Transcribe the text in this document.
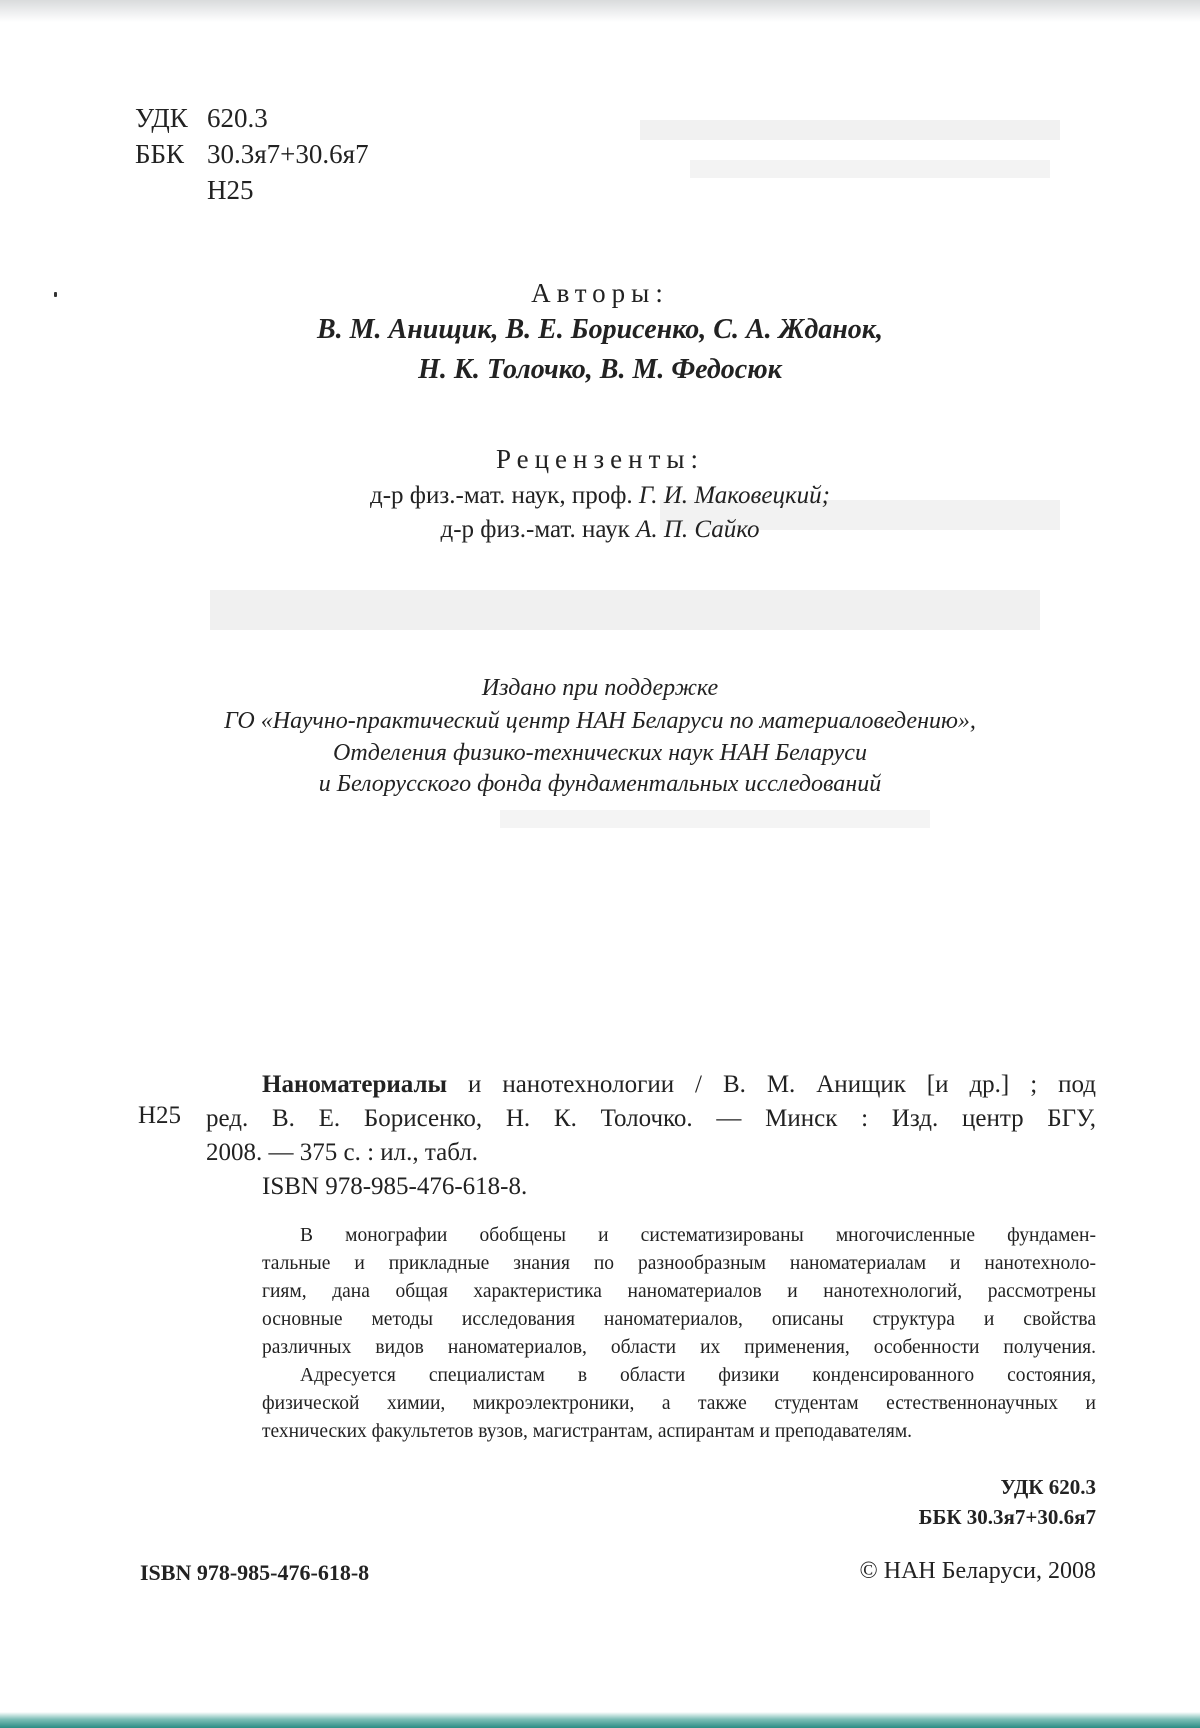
УДК 620.3
ББК 30.3я7+30.6я7
Н25
Авторы:
В. М. Анищик, В. Е. Борисенко, С. А. Жданок,
Н. К. Толочко, В. М. Федосюк
Рецензенты:
д-р физ.-мат. наук, проф. Г. И. Маковецкий;
д-р физ.-мат. наук А. П. Сайко
Издано при поддержке
ГО «Научно-практический центр НАН Беларуси по материаловедению»,
Отделения физико-технических наук НАН Беларуси
и Белорусского фонда фундаментальных исследований
Н25

Наноматериалы и нанотехнологии / В. М. Анищик [и др.] ; под

ред. В. Е. Борисенко, Н. К. Толочко. — Минск : Изд. центр БГУ,

2008. — 375 с. : ил., табл.

ISBN 978-985-476-618-8.

В монографии обобщены и систематизированы многочисленные фундамен-

тальные и прикладные знания по разнообразным наноматериалам и нанотехноло-

гиям, дана общая характеристика наноматериалов и нанотехнологий, рассмотрены

основные методы исследования наноматериалов, описаны структура и свойства

различных видов наноматериалов, области их применения, особенности получения.

Адресуется специалистам в области физики конденсированного состояния,

физической химии, микроэлектроники, а также студентам естественнонаучных и

технических факультетов вузов, магистрантам, аспирантам и преподавателям.

УДК 620.3
ББК 30.3я7+30.6я7
ISBN 978-985-476-618-8	© НАН Беларуси, 2008
